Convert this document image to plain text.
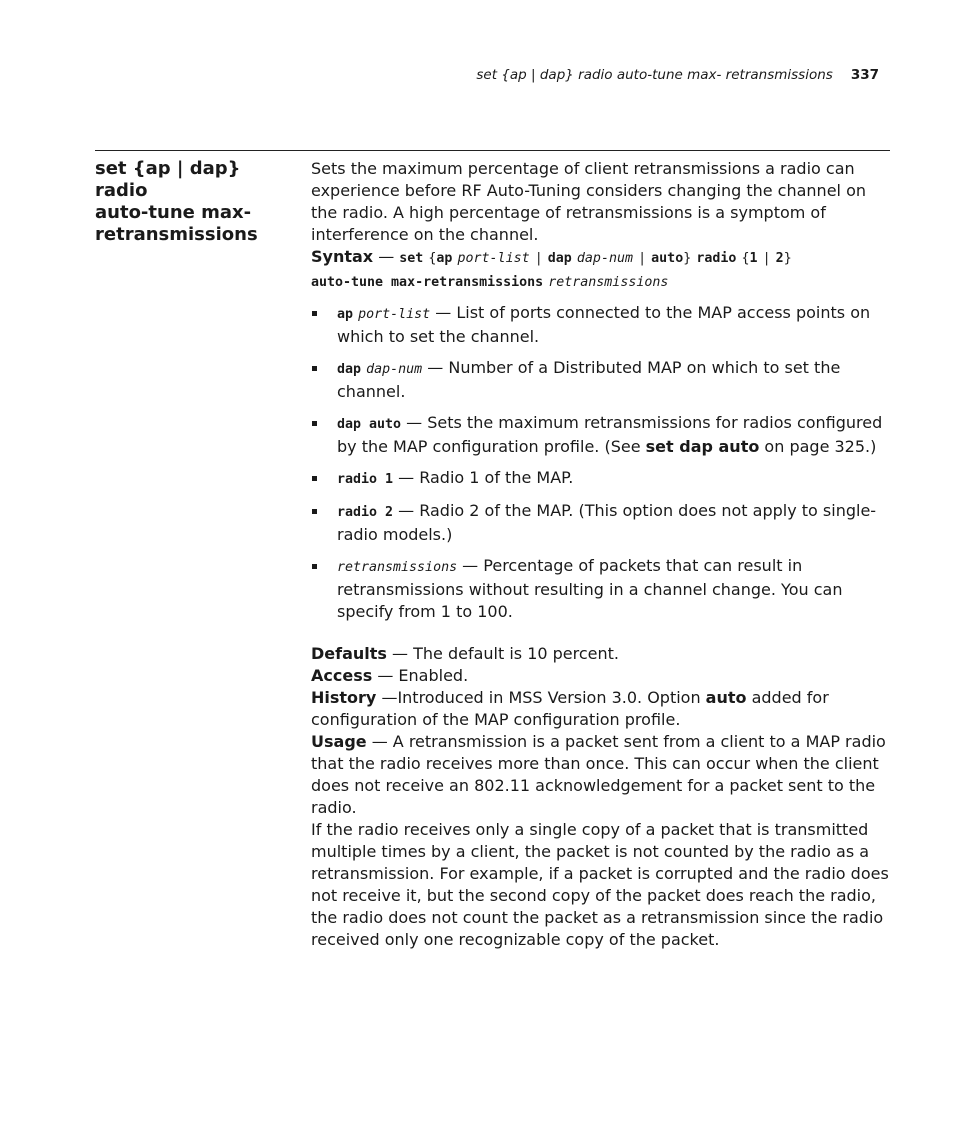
set {ap | dap} radio auto-tune max- retransmissions 337
set {ap | dap} radio
auto-tune max-
retransmissions

Sets the maximum percentage of client retransmissions a radio can experience before RF Auto-Tuning considers changing the channel on the radio. A high percentage of retransmissions is a symptom of interference on the channel.

Syntax — set {ap port-list | dap dap-num | auto} radio {1 | 2}
auto-tune max-retransmissions retransmissions
ap port-list — List of ports connected to the MAP access points on which to set the channel.
dap dap-num — Number of a Distributed MAP on which to set the channel.
dap auto — Sets the maximum retransmissions for radios configured by the MAP configuration profile. (See set dap auto on page 325.)
radio 1 — Radio 1 of the MAP.
radio 2 — Radio 2 of the MAP. (This option does not apply to single-radio models.)
retransmissions — Percentage of packets that can result in retransmissions without resulting in a channel change. You can specify from 1 to 100.

Defaults — The default is 10 percent.

Access — Enabled.

History —Introduced in MSS Version 3.0. Option auto added for configuration of the MAP configuration profile.

Usage — A retransmission is a packet sent from a client to a MAP radio that the radio receives more than once. This can occur when the client does not receive an 802.11 acknowledgement for a packet sent to the radio.

If the radio receives only a single copy of a packet that is transmitted multiple times by a client, the packet is not counted by the radio as a retransmission. For example, if a packet is corrupted and the radio does not receive it, but the second copy of the packet does reach the radio, the radio does not count the packet as a retransmission since the radio received only one recognizable copy of the packet.
